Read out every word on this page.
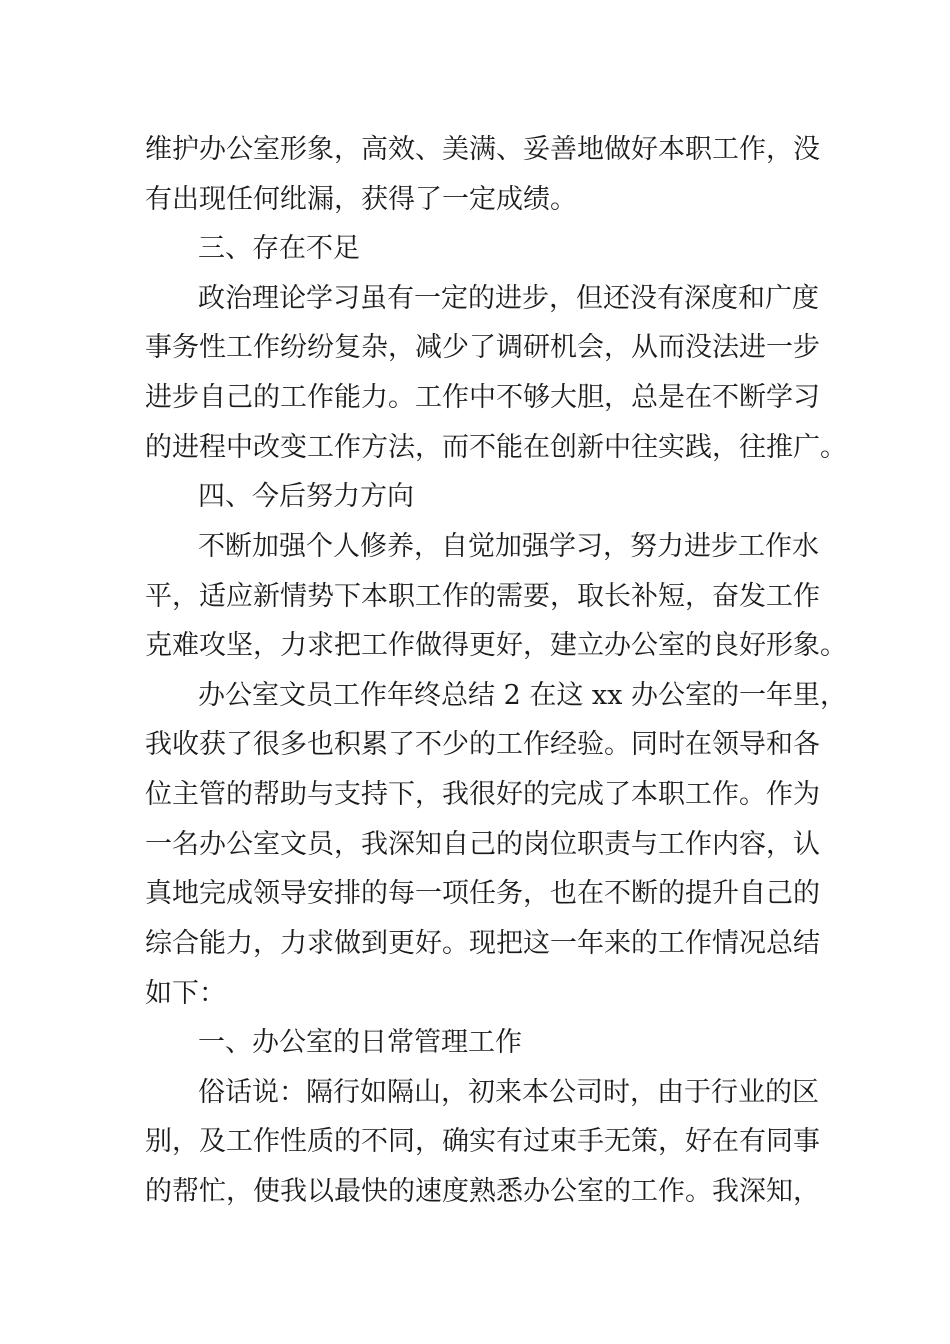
维护办公室形象，高效、美满、妥善地做好本职工作，没
有出现任何纰漏，获得了一定成绩。
三、存在不足
政治理论学习虽有一定的进步，但还没有深度和广度
事务性工作纷纷复杂，减少了调研机会，从而没法进一步
进步自己的工作能力。工作中不够大胆，总是在不断学习
的进程中改变工作方法，而不能在创新中往实践，往推广。
四、今后努力方向
不断加强个人修养，自觉加强学习，努力进步工作水
平，适应新情势下本职工作的需要，取长补短，奋发工作
克难攻坚，力求把工作做得更好，建立办公室的良好形象。
办公室文员工作年终总结 2 在这 xx 办公室的一年里，
我收获了很多也积累了不少的工作经验。同时在领导和各
位主管的帮助与支持下，我很好的完成了本职工作。作为
一名办公室文员，我深知自己的岗位职责与工作内容，认
真地完成领导安排的每一项任务，也在不断的提升自己的
综合能力，力求做到更好。现把这一年来的工作情况总结
如下：
一、办公室的日常管理工作
俗话说：隔行如隔山，初来本公司时，由于行业的区
别，及工作性质的不同，确实有过束手无策，好在有同事
的帮忙，使我以最快的速度熟悉办公室的工作。我深知，
